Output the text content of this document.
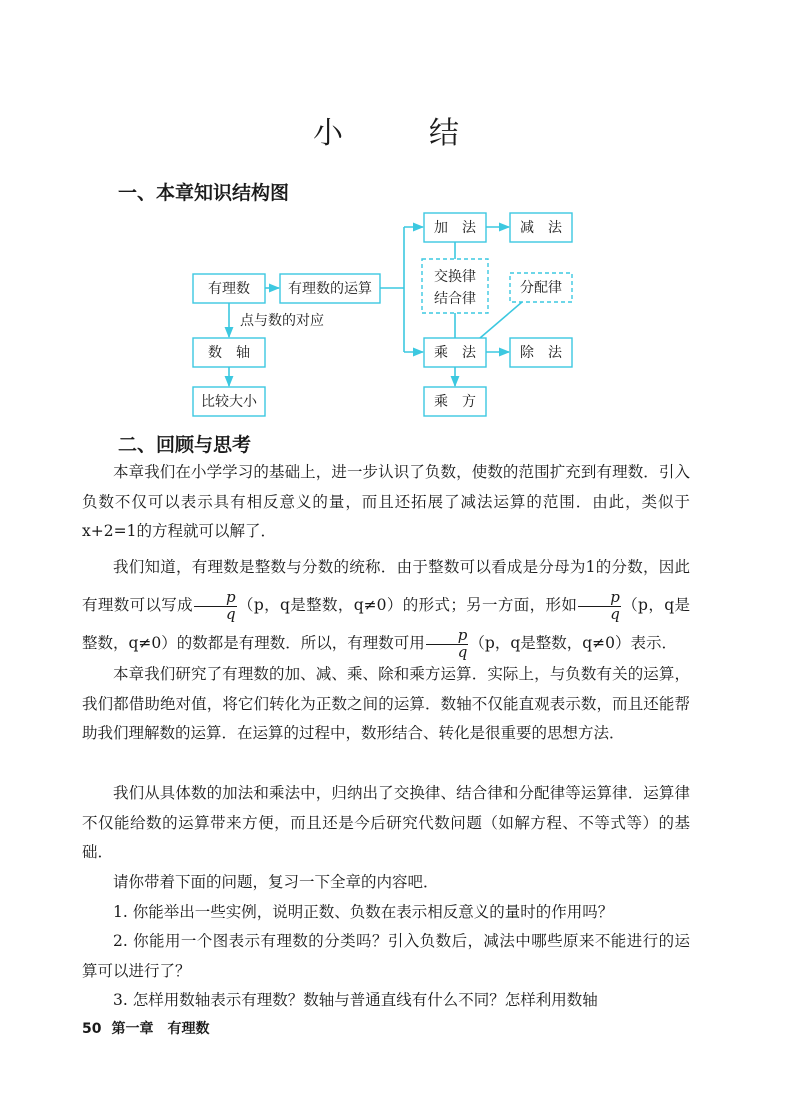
小　结
一、本章知识结构图
有理数	有理数的运算
加　法	减　法
交换律
结合律
分配律
乘　法	除　法
乘　方
点与数的对应
数　轴
比较大小
二、回顾与思考
本章我们在小学学习的基础上，进一步认识了负数，使数的范围扩充到有理数．引入负数不仅可以表示具有相反意义的量，而且还拓展了减法运算的范围．由此，类似于x+2=1的方程就可以解了．
我们知道，有理数是整数与分数的统称．由于整数可以看成是分母为1的分数，因此有理数可以写成 $\frac{p}{q} (p$，q是整数，q≠0）的形式；另一方面，形如 $\frac{p}{q} (p$，q是整数，q≠0）的数都是有理数．所以，有理数可用 $\frac{p}{q} (p$，q是整数，q≠0）表示．
本章我们研究了有理数的加、减、乘、除和乘方运算．实际上，与负数有关的运算，我们都借助绝对值，将它们转化为正数之间的运算．数轴不仅能直观表示数，而且还能帮助我们理解数的运算．在运算的过程中，数形结合、转化是很重要的思想方法．
我们从具体数的加法和乘法中，归纳出了交换律、结合律和分配律等运算律．运算律不仅能给数的运算带来方便，而且还是今后研究代数问题（如解方程、不等式等）的基础．
请你带着下面的问题，复习一下全章的内容吧．
1. 你能举出一些实例，说明正数、负数在表示相反意义的量时的作用吗？
2. 你能用一个图表示有理数的分类吗？引入负数后，减法中哪些原来不能进行的运算可以进行了？
3. 怎样用数轴表示有理数？数轴与普通直线有什么不同？怎样利用数轴
50 第一章　有理数
